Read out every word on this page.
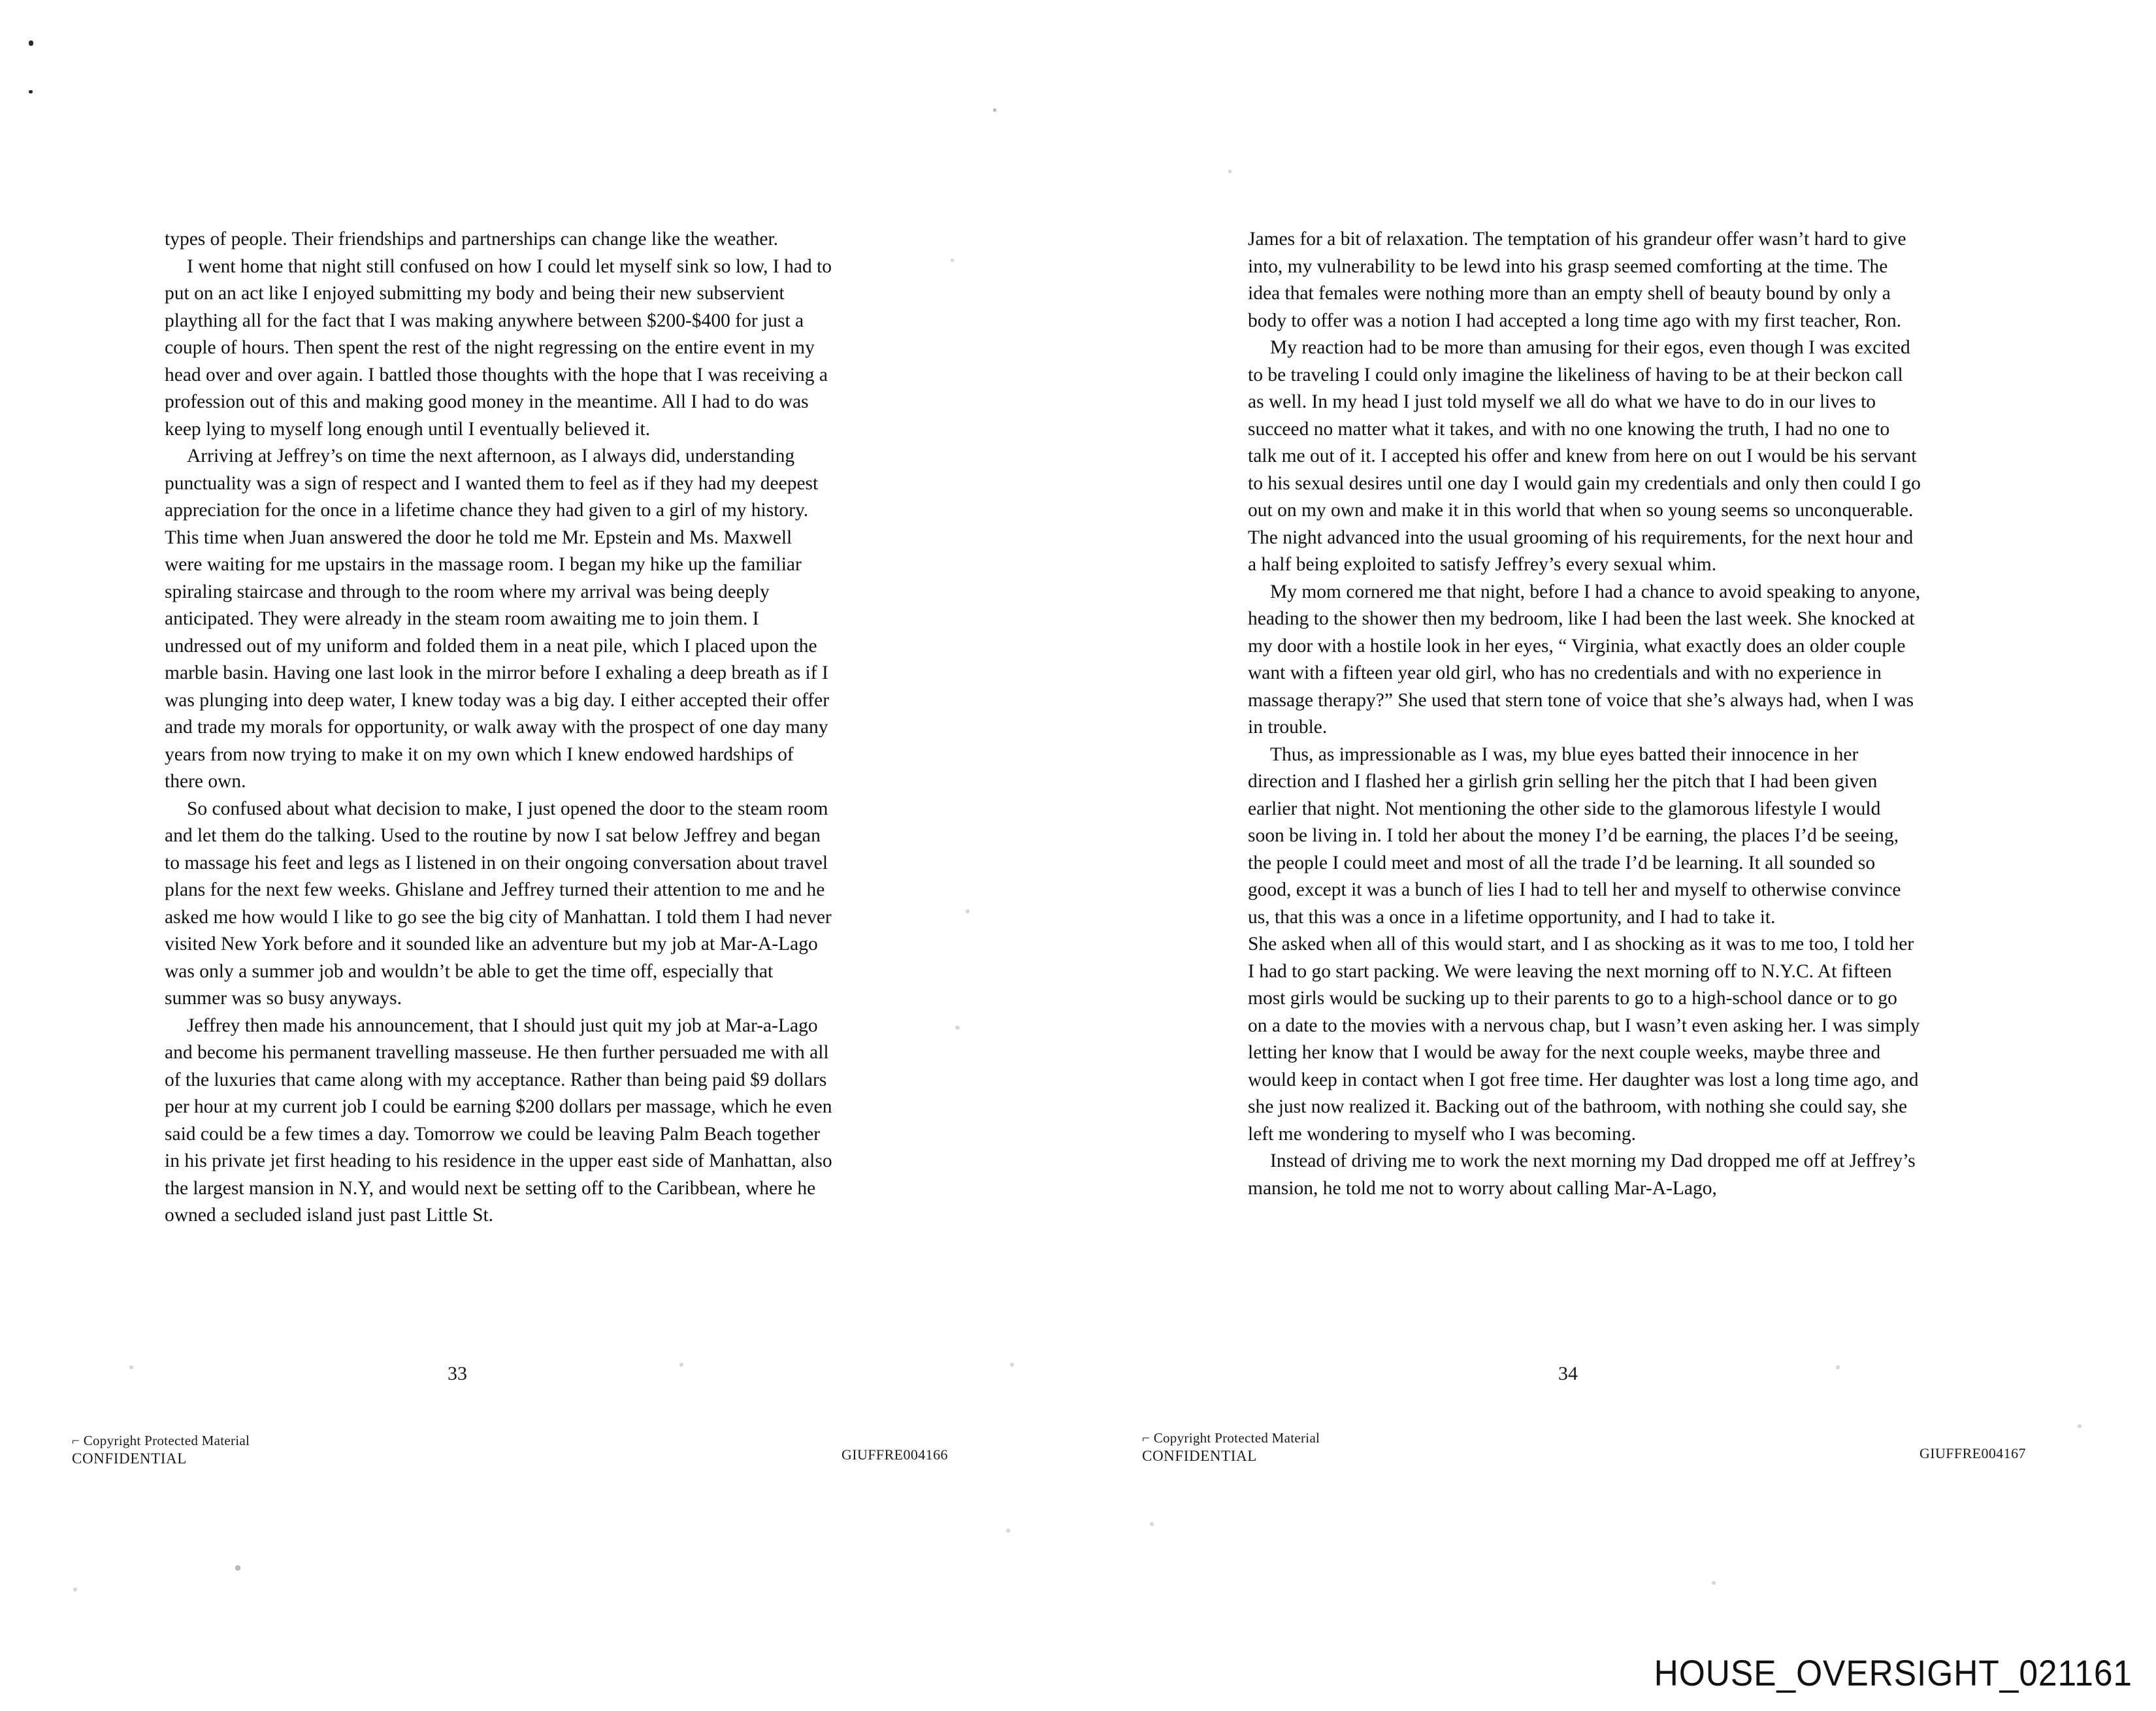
types of people. Their friendships and partnerships can change like the weather.

I went home that night still confused on how I could let myself sink so low, I had to put on an act like I enjoyed submitting my body and being their new subservient plaything all for the fact that I was making anywhere between $200-$400 for just a couple of hours. Then spent the rest of the night regressing on the entire event in my head over and over again. I battled those thoughts with the hope that I was receiving a profession out of this and making good money in the meantime. All I had to do was keep lying to myself long enough until I eventually believed it.

Arriving at Jeffrey’s on time the next afternoon, as I always did, understanding punctuality was a sign of respect and I wanted them to feel as if they had my deepest appreciation for the once in a lifetime chance they had given to a girl of my history. This time when Juan answered the door he told me Mr. Epstein and Ms. Maxwell were waiting for me upstairs in the massage room. I began my hike up the familiar spiraling staircase and through to the room where my arrival was being deeply anticipated. They were already in the steam room awaiting me to join them. I undressed out of my uniform and folded them in a neat pile, which I placed upon the marble basin. Having one last look in the mirror before I exhaling a deep breath as if I was plunging into deep water, I knew today was a big day. I either accepted their offer and trade my morals for opportunity, or walk away with the prospect of one day many years from now trying to make it on my own which I knew endowed hardships of there own.

So confused about what decision to make, I just opened the door to the steam room and let them do the talking. Used to the routine by now I sat below Jeffrey and began to massage his feet and legs as I listened in on their ongoing conversation about travel plans for the next few weeks. Ghislane and Jeffrey turned their attention to me and he asked me how would I like to go see the big city of Manhattan. I told them I had never visited New York before and it sounded like an adventure but my job at Mar-A-Lago was only a summer job and wouldn’t be able to get the time off, especially that summer was so busy anyways.

Jeffrey then made his announcement, that I should just quit my job at Mar-a-Lago and become his permanent travelling masseuse. He then further persuaded me with all of the luxuries that came along with my acceptance. Rather than being paid $9 dollars per hour at my current job I could be earning $200 dollars per massage, which he even said could be a few times a day. Tomorrow we could be leaving Palm Beach together in his private jet first heading to his residence in the upper east side of Manhattan, also the largest mansion in N.Y, and would next be setting off to the Caribbean, where he owned a secluded island just past Little St.

33
⌐ Copyright Protected Material
CONFIDENTIAL	GIUFFRE004166

James for a bit of relaxation. The temptation of his grandeur offer wasn’t hard to give into, my vulnerability to be lewd into his grasp seemed comforting at the time. The idea that females were nothing more than an empty shell of beauty bound by only a body to offer was a notion I had accepted a long time ago with my first teacher, Ron.

My reaction had to be more than amusing for their egos, even though I was excited to be traveling I could only imagine the likeliness of having to be at their beckon call as well. In my head I just told myself we all do what we have to do in our lives to succeed no matter what it takes, and with no one knowing the truth, I had no one to talk me out of it. I accepted his offer and knew from here on out I would be his servant to his sexual desires until one day I would gain my credentials and only then could I go out on my own and make it in this world that when so young seems so unconquerable. The night advanced into the usual grooming of his requirements, for the next hour and a half being exploited to satisfy Jeffrey’s every sexual whim.

My mom cornered me that night, before I had a chance to avoid speaking to anyone, heading to the shower then my bedroom, like I had been the last week. She knocked at my door with a hostile look in her eyes, “ Virginia, what exactly does an older couple want with a fifteen year old girl, who has no credentials and with no experience in massage therapy?” She used that stern tone of voice that she’s always had, when I was in trouble.

Thus, as impressionable as I was, my blue eyes batted their innocence in her direction and I flashed her a girlish grin selling her the pitch that I had been given earlier that night. Not mentioning the other side to the glamorous lifestyle I would soon be living in. I told her about the money I’d be earning, the places I’d be seeing, the people I could meet and most of all the trade I’d be learning. It all sounded so good, except it was a bunch of lies I had to tell her and myself to otherwise convince us, that this was a once in a lifetime opportunity, and I had to take it.

She asked when all of this would start, and I as shocking as it was to me too, I told her I had to go start packing. We were leaving the next morning off to N.Y.C. At fifteen most girls would be sucking up to their parents to go to a high-school dance or to go on a date to the movies with a nervous chap, but I wasn’t even asking her. I was simply letting her know that I would be away for the next couple weeks, maybe three and would keep in contact when I got free time. Her daughter was lost a long time ago, and she just now realized it. Backing out of the bathroom, with nothing she could say, she left me wondering to myself who I was becoming.

Instead of driving me to work the next morning my Dad dropped me off at Jeffrey’s mansion, he told me not to worry about calling Mar-A-Lago,

34
⌐ Copyright Protected Material
CONFIDENTIAL	GIUFFRE004167
HOUSE_OVERSIGHT_021161
